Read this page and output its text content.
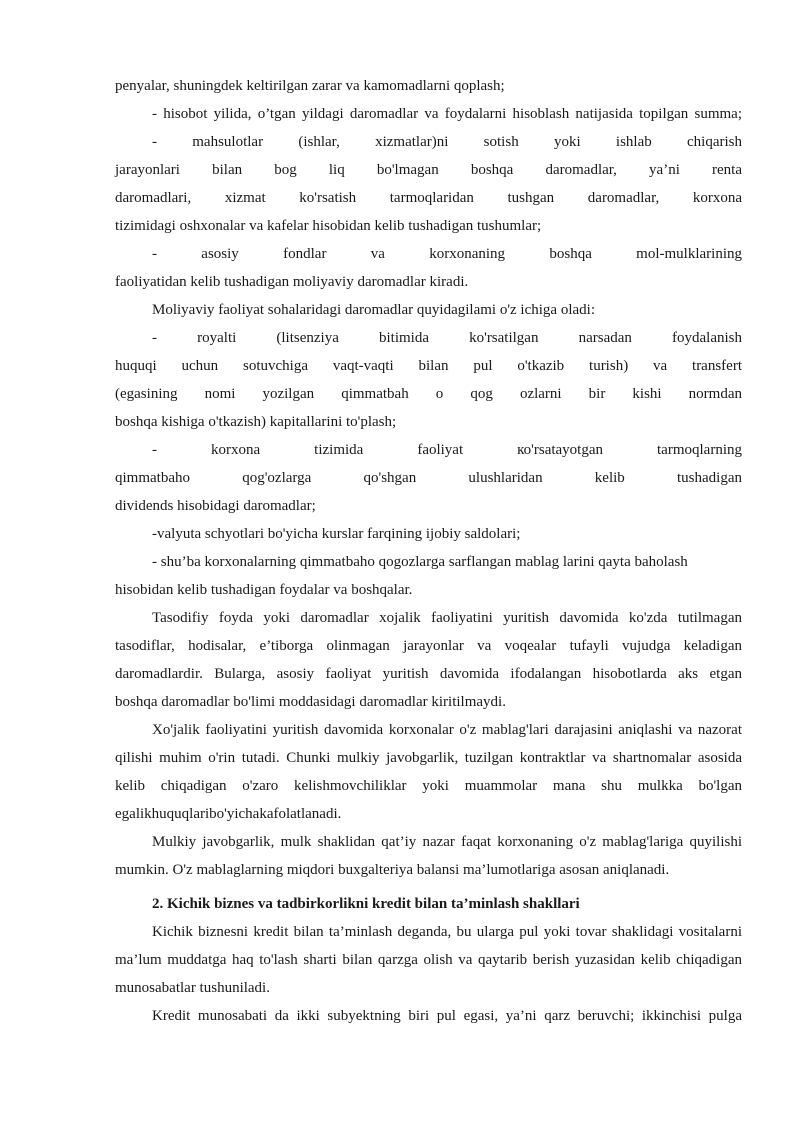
penyalar, shuningdek keltirilgan zarar va kamomadlarni qoplash;
- hisobot yilida, o’tgan yildagi daromadlar va foydalarni hisoblash natijasida topilgan summa;
- mahsulotlar (ishlar, xizmatlar)ni sotish yoki ishlab chiqarish
jarayonlari bilan bog liq bo'lmagan boshqa daromadlar, ya’ni renta
daromadlari, xizmat ko'rsatish tarmoqlaridan tushgan daromadlar, korxona
tizimidagi oshxonalar va kafelar hisobidan kelib tushadigan tushumlar;
- asosiy fondlar va korxonaning boshqa mol-mulklarining
faoliyatidan kelib tushadigan moliyaviy daromadlar kiradi.
Moliyaviy faoliyat sohalaridagi daromadlar quyidagilami o'z ichiga oladi:
- royalti (litsenziya bitimida ko'rsatilgan narsadan foydalanish
huquqi uchun sotuvchiga vaqt-vaqti bilan pul o'tkazib turish) va transfert
(egasining nomi yozilgan qimmatbah o qog ozlarni bir kishi normdan
boshqa kishiga o'tkazish) kapitallarini to'plash;
- korxona tizimida faoliyat ко'rsatayotgan tarmoqlarning
qimmatbaho qog'ozlarga qo'shgan ulushlaridan kelib tushadigan
dividends hisobidagi daromadlar;
-valyuta schyotlari bo'yicha kurslar farqining ijobiy saldolari;
- shu’ba korxonalarning qimmatbaho qogozlarga sarflangan mablag larini qayta baholash
hisobidan kelib tushadigan foydalar va boshqalar.
Tasodifiy foyda yoki daromadlar xojalik faoliyatini yuritish davomida ko'zda tutilmagan
tasodiflar, hodisalar, e’tiborga olinmagan jarayonlar va voqealar tufayli vujudga keladigan
daromadlardir. Bularga, asosiy faoliyat yuritish davomida ifodalangan hisobotlarda aks etgan
boshqa daromadlar bo'limi moddasidagi daromadlar kiritilmaydi.
Xo'jalik faoliyatini yuritish davomida korxonalar o'z mablag'lari darajasini aniqlashi va nazorat
qilishi muhim o'rin tutadi. Chunki mulkiy javobgarlik, tuzilgan kontraktlar va shartnomalar asosida
kelib chiqadigan o'zaro kelishmovchiliklar yoki muammolar mana shu mulkka bo'lgan
egalikhuquqlaribo'yichakafolatlanadi.
Mulkiy javobgarlik, mulk shaklidan qat’iy nazar faqat korxonaning o'z mablag'lariga quyilishi
mumkin. O'z mablaglarning miqdori buxgalteriya balansi ma’lumotlariga asosan aniqlanadi.
2. Kichik biznes va tadbirkorlikni kredit bilan ta’minlash shakllari
Kichik biznesni kredit bilan ta’minlash deganda, bu ularga pul yoki tovar shaklidagi vositalarni
ma’lum muddatga haq to'lash sharti bilan qarzga olish va qaytarib berish yuzasidan kelib chiqadigan
munosabatlar tushuniladi.
Kredit munosabati da ikki subyektning biri pul egasi, ya’ni qarz beruvchi; ikkinchisi pulga
